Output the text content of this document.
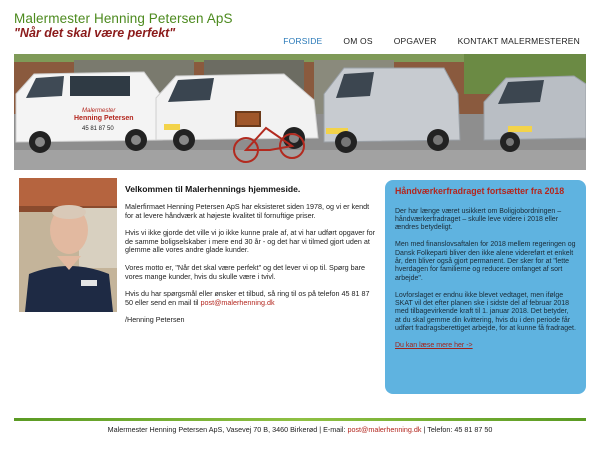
Malermester Henning Petersen ApS
"Når det skal være perfekt"
FORSIDE OM OS OPGAVER KONTAKT MALERMESTEREN
Malermester
Henning Petersen
45 81 87 50
Velkommen til Malerhennings hjemmeside.

Malerfirmaet Henning Petersen ApS har eksisteret siden 1978, og vi er kendt for at levere håndværk at højeste kvalitet til fornuftige priser.

Hvis vi ikke gjorde det ville vi jo ikke kunne prale af, at vi har udført opgaver for de samme boligselskaber i mere end 30 år - og det har vi tilmed gjort uden at glemme alle vores andre glade kunder.

Vores motto er, "Når det skal være perfekt" og det lever vi op til. Spørg bare vores mange kunder, hvis du skulle være i tvivl.

Hvis du har spørgsmål eller ønsker et tilbud, så ring til os på telefon 45 81 87 50 eller send en mail til post@malerhenning.dk

/Henning Petersen

Håndværkerfradraget fortsætter fra 2018

Der har længe været usikkert om Boligjobordningen – håndværkerfradraget – skulle leve videre i 2018 eller ændres betydeligt.

Men med finanslovsaftalen for 2018 mellem regeringen og Dansk Folkeparti bliver den ikke alene videreført et enkelt år, den bliver også gjort permanent. Der sker for at "lette hverdagen for familierne og reducere omfanget af sort arbejde".

Lovforslaget er endnu ikke blevet vedtaget, men ifølge SKAT vil det efter planen ske i sidste del af februar 2018 med tilbagevirkende kraft til 1. januar 2018. Det betyder, at du skal gemme din kvittering, hvis du i den periode får udført fradragsberettiget arbejde, for at kunne få fradraget.

Du kan læse mere her ->

Malermester Henning Petersen ApS, Vasevej 70 B, 3460 Birkerød | E-mail: post@malerhenning.dk | Telefon: 45 81 87 50
